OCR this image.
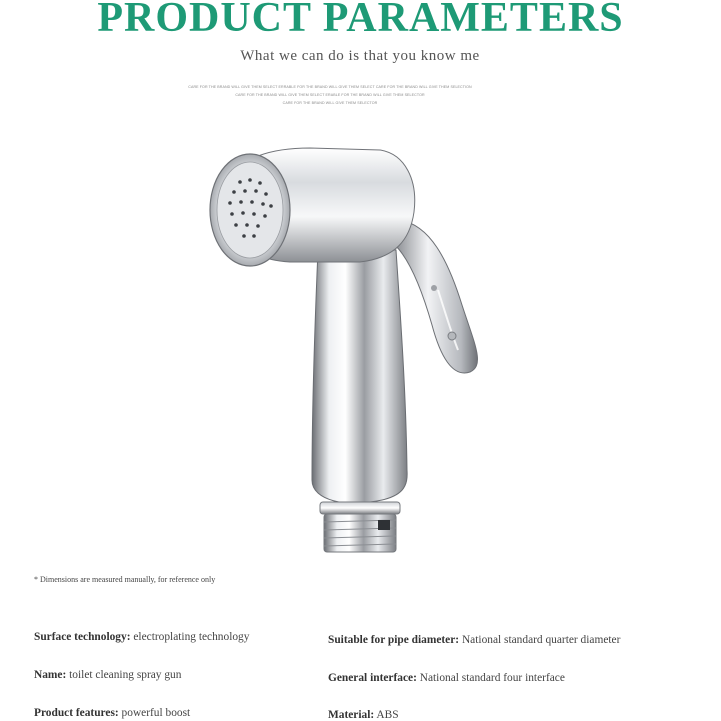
PRODUCT PARAMETERS
What we can do is that you know me
CARE FOR THE BRAND WILL GIVE THEM SELECT ERRABLE FOR THE BRAND WILL GIVE THEM SELECT CARE FOR THE BRAND WILL GIVE THEM SELECTION
CARE FOR THE BRAND WILL GIVE THEM SELECT ERABLE FOR THE BRAND WILL GIVE THEM SELECTOR
CARE FOR THE BRAND WILL GIVE THEM SELECTOR
* Dimensions are measured manually, for reference only
Surface technology: electroplating technology	Suitable for pipe diameter: National standard quarter diameter
Name: toilet cleaning spray gun	General interface: National standard four interface
Product features: powerful boost	Material: ABS
